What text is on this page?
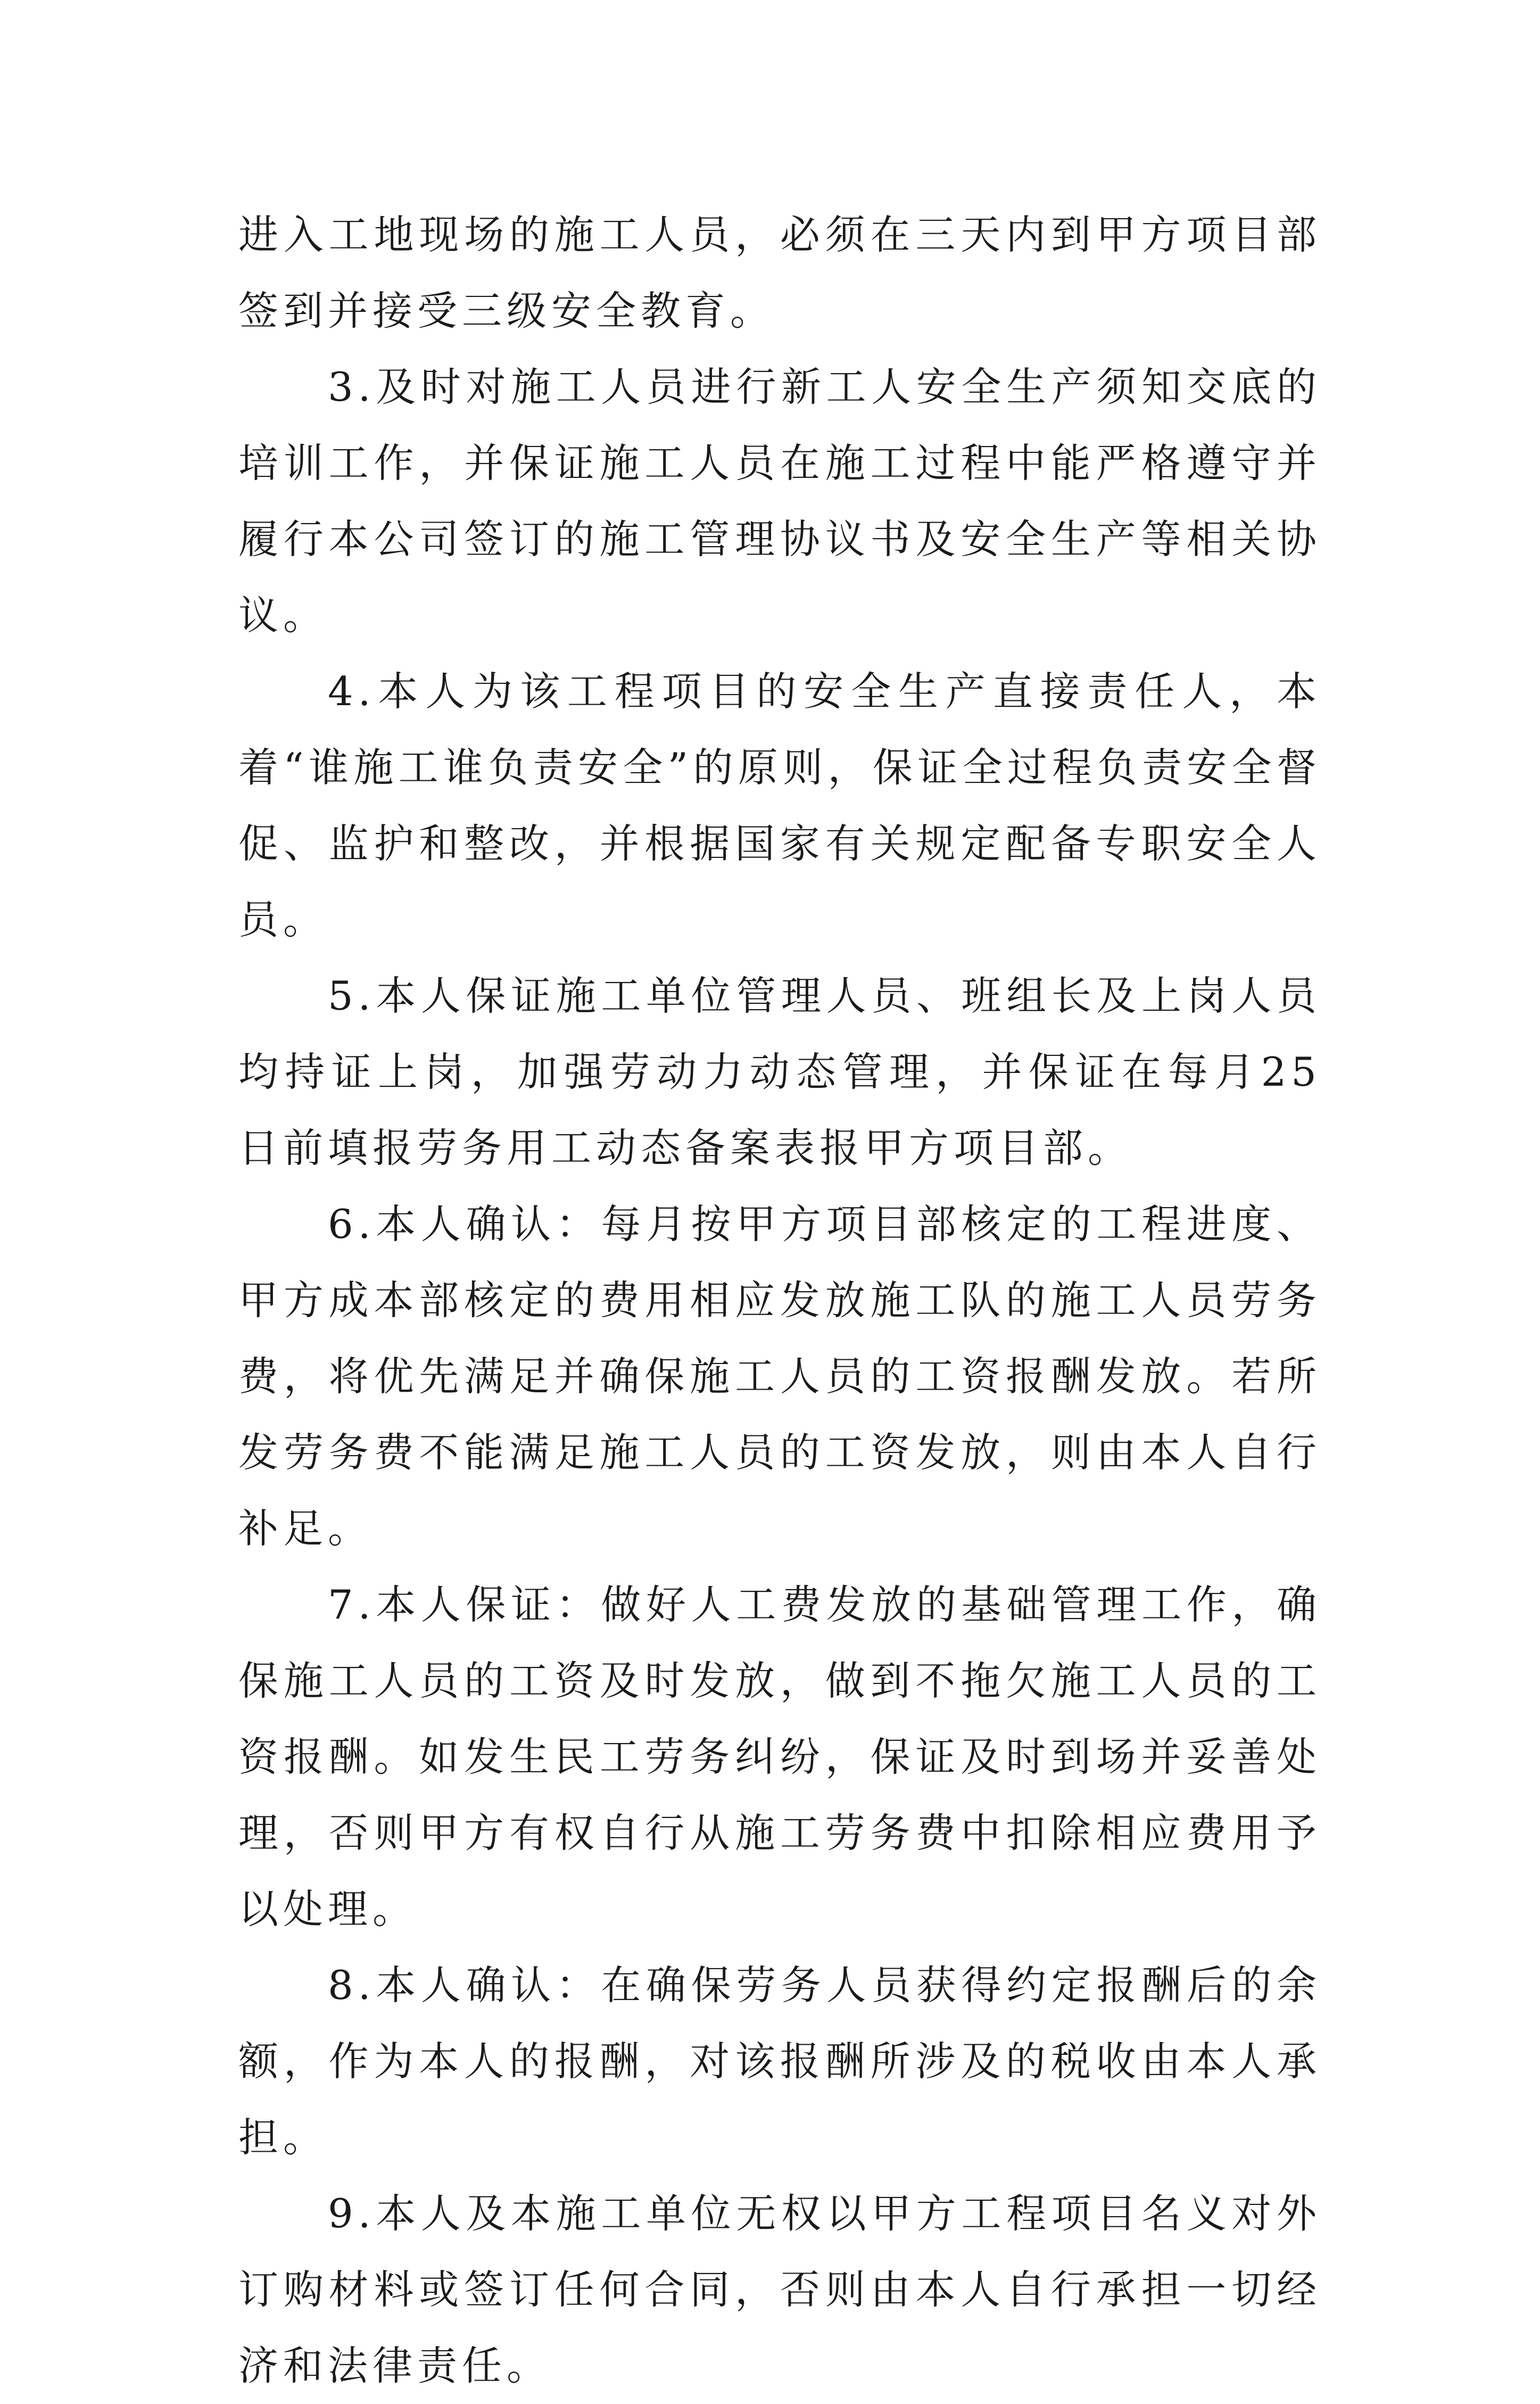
进入工地现场的施工人员，必须在三天内到甲方项目部签到并接受三级安全教育。

3.及时对施工人员进行新工人安全生产须知交底的培训工作，并保证施工人员在施工过程中能严格遵守并履行本公司签订的施工管理协议书及安全生产等相关协议。

4.本人为该工程项目的安全生产直接责任人，本着“谁施工谁负责安全”的原则，保证全过程负责安全督促、监护和整改，并根据国家有关规定配备专职安全人员。

5.本人保证施工单位管理人员、班组长及上岗人员均持证上岗，加强劳动力动态管理，并保证在每月25日前填报劳务用工动态备案表报甲方项目部。

6.本人确认：每月按甲方项目部核定的工程进度、甲方成本部核定的费用相应发放施工队的施工人员劳务费，将优先满足并确保施工人员的工资报酬发放。若所发劳务费不能满足施工人员的工资发放，则由本人自行补足。

7.本人保证：做好人工费发放的基础管理工作，确保施工人员的工资及时发放，做到不拖欠施工人员的工资报酬。如发生民工劳务纠纷，保证及时到场并妥善处理，否则甲方有权自行从施工劳务费中扣除相应费用予以处理。

8.本人确认：在确保劳务人员获得约定报酬后的余额，作为本人的报酬，对该报酬所涉及的税收由本人承担。

9.本人及本施工单位无权以甲方工程项目名义对外订购材料或签订任何合同，否则由本人自行承担一切经济和法律责任。
